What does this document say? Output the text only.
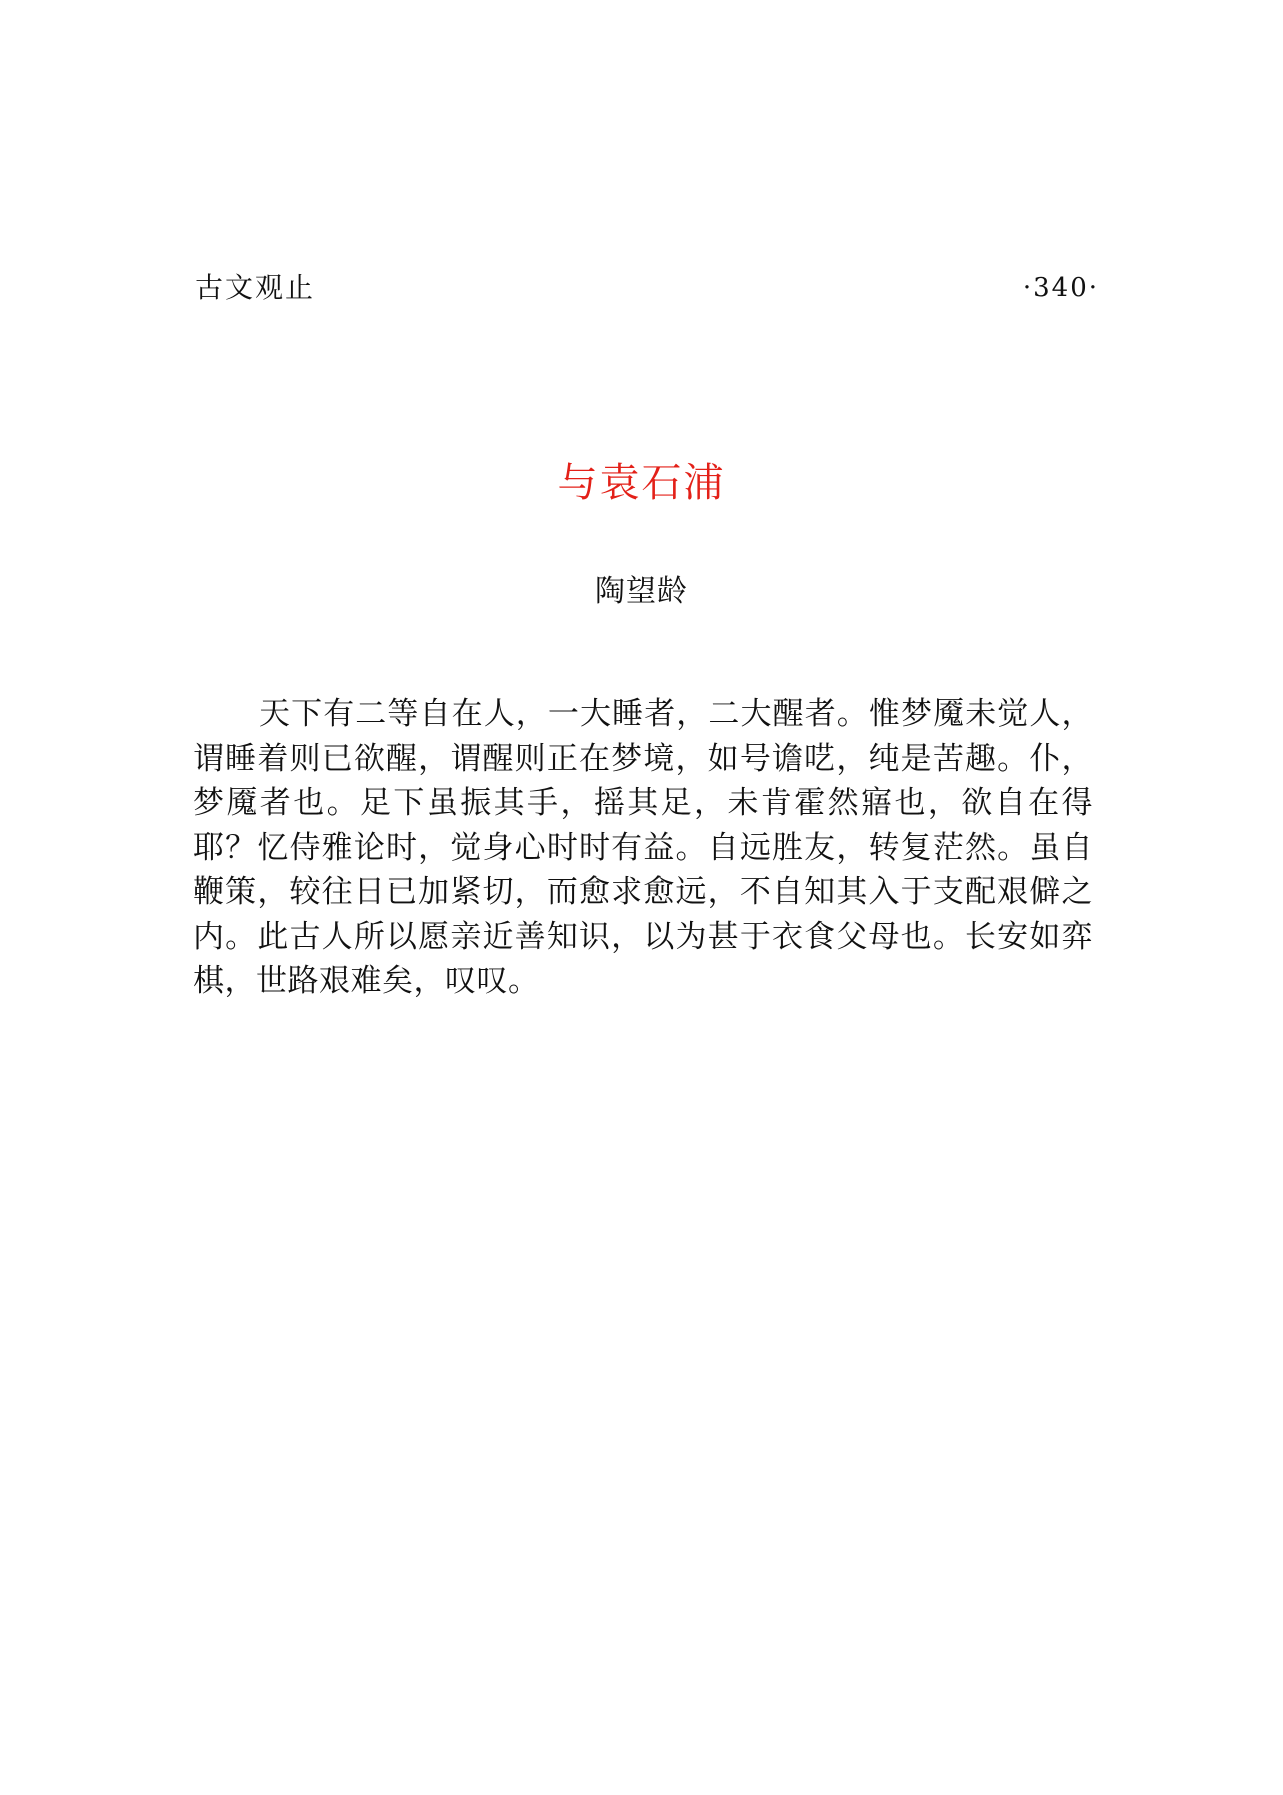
古文观止	·340·
与袁石浦
陶望龄

天下有二等自在人，一大睡者，二大醒者。惟梦魇未觉人，谓睡着则已欲醒，谓醒则正在梦境，如号谵呓，纯是苦趣。仆，梦魇者也。足下虽振其手，摇其足，未肯霍然寤也，欲自在得耶？忆侍雅论时，觉身心时时有益。自远胜友，转复茫然。虽自鞭策，较往日已加紧切，而愈求愈远，不自知其入于支配艰僻之内。此古人所以愿亲近善知识，以为甚于衣食父母也。长安如弈棋，世路艰难矣，叹叹。
